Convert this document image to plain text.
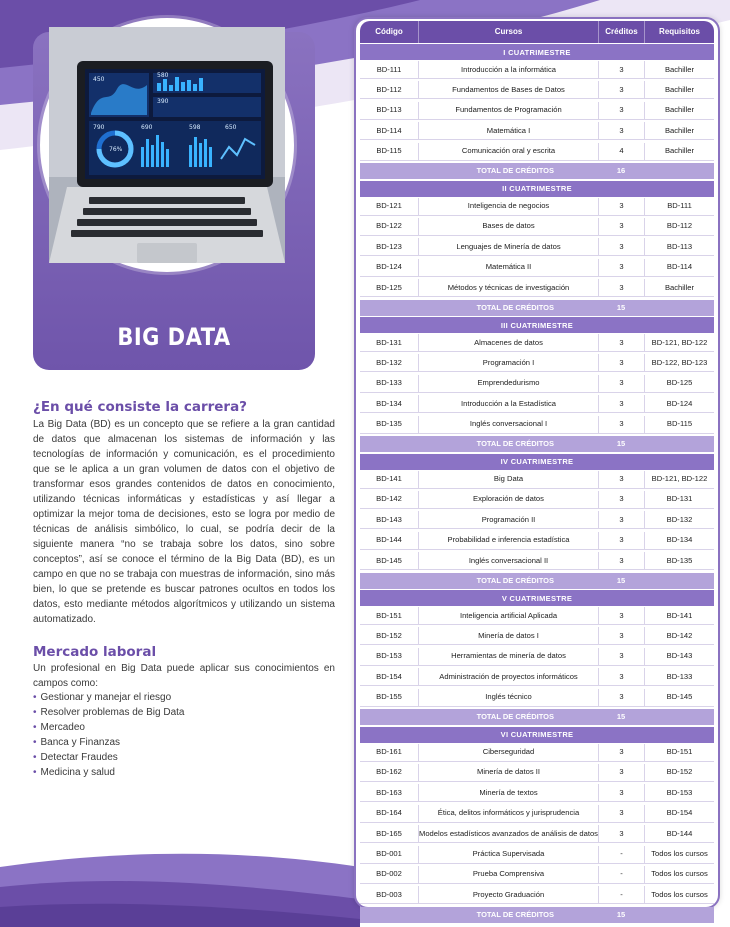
450
580
390
790	690	598	650
76%
BIG DATA
¿En qué consiste la carrera?

La Big Data (BD) es un concepto que se refiere a la gran cantidad de datos que almacenan los sistemas de información y las tecnologías de información y comunicación, es el procedimiento que se le aplica a un gran volumen de datos con el objetivo de transformar esos grandes contenidos de datos en conocimiento, utilizando técnicas informáticas y estadísticas y así llegar a optimizar la mejor toma de decisiones, esto se logra por medio de técnicas de análisis simbólico, lo cual, se podría decir de la siguiente manera “no se trabaja sobre los datos, sino sobre conceptos”, así se conoce el término de la Big Data (BD), es un campo en que no se trabaja con muestras de información, sino más bien, lo que se pretende es buscar patrones ocultos en todos los datos, esto mediante métodos algorítmicos y utilizando un sistema automatizado.

Mercado laboral

Un profesional en Big Data puede aplicar sus conocimientos en campos como:

• Gestionar y manejar el riesgo
• Resolver problemas de Big Data
• Mercadeo
• Banca y Finanzas
• Detectar Fraudes
• Medicina y salud
Código	Cursos	Créditos	Requisitos
I CUATRIMESTRE
BD-111	Introducción a la informática	3	Bachiller
BD-112	Fundamentos de Bases de Datos	3	Bachiller
BD-113	Fundamentos de Programación	3	Bachiller
BD-114	Matemática I	3	Bachiller
BD-115	Comunicación oral y escrita	4	Bachiller
TOTAL DE CRÉDITOS	16
II CUATRIMESTRE
BD-121	Inteligencia de negocios	3	BD-111
BD-122	Bases de datos	3	BD-112
BD-123	Lenguajes de Minería de datos	3	BD-113
BD-124	Matemática II	3	BD-114
BD-125	Métodos y técnicas de investigación	3	Bachiller
TOTAL DE CRÉDITOS	15
III CUATRIMESTRE
BD-131	Almacenes de datos	3	BD-121, BD-122
BD-132	Programación I	3	BD-122, BD-123
BD-133	Emprendedurismo	3	BD-125
BD-134	Introducción a la Estadística	3	BD-124
BD-135	Inglés conversacional I	3	BD-115
TOTAL DE CRÉDITOS	15
IV CUATRIMESTRE
BD-141	Big Data	3	BD-121, BD-122
BD-142	Exploración de datos	3	BD-131
BD-143	Programación II	3	BD-132
BD-144	Probabilidad e inferencia estadística	3	BD-134
BD-145	Inglés conversacional II	3	BD-135
TOTAL DE CRÉDITOS	15
V CUATRIMESTRE
BD-151	Inteligencia artificial Aplicada	3	BD-141
BD-152	Minería de datos I	3	BD-142
BD-153	Herramientas de minería de datos	3	BD-143
BD-154	Administración de proyectos informáticos	3	BD-133
BD-155	Inglés técnico	3	BD-145
TOTAL DE CRÉDITOS	15
VI CUATRIMESTRE
BD-161	Ciberseguridad	3	BD-151
BD-162	Minería de datos II	3	BD-152
BD-163	Minería de textos	3	BD-153
BD-164	Ética, delitos informáticos y jurisprudencia	3	BD-154
BD-165	Modelos estadísticos avanzados de análisis de datos	3	BD-144
BD-001	Práctica Supervisada	-	Todos los cursos
BD-002	Prueba Comprensiva	-	Todos los cursos
BD-003	Proyecto Graduación	-	Todos los cursos
TOTAL DE CRÉDITOS	15
